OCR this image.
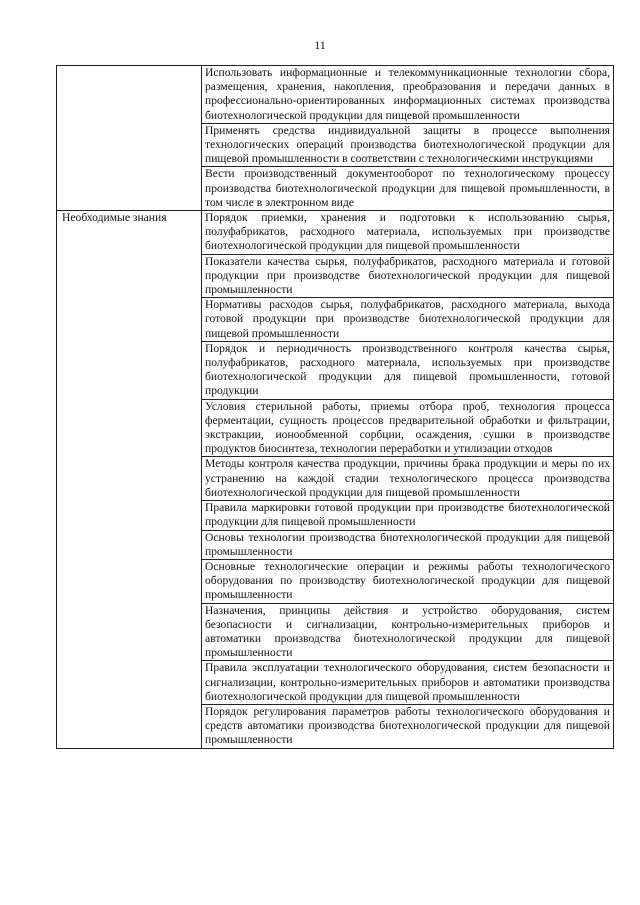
11
	Использовать информационные и телекоммуникационные технологии сбора, размещения, хранения, накопления, преобразования и передачи данных в профессионально-ориентированных информационных системах производства биотехнологической продукции для пищевой промышленности
	Применять средства индивидуальной защиты в процессе выполнения технологических операций производства биотехнологической продукции для пищевой промышленности в соответствии с технологическими инструкциями
	Вести производственный документооборот по технологическому процессу производства биотехнологической продукции для пищевой промышленности, в том числе в электронном виде
Необходимые знания	Порядок приемки, хранения и подготовки к использованию сырья, полуфабрикатов, расходного материала, используемых при производстве биотехнологической продукции для пищевой промышленности
	Показатели качества сырья, полуфабрикатов, расходного материала и готовой продукции при производстве биотехнологической продукции для пищевой промышленности
	Нормативы расходов сырья, полуфабрикатов, расходного материала, выхода готовой продукции при производстве биотехнологической продукции для пищевой промышленности
	Порядок и периодичность производственного контроля качества сырья, полуфабрикатов, расходного материала, используемых при производстве биотехнологической продукции для пищевой промышленности, готовой продукции
	Условия стерильной работы, приемы отбора проб, технология процесса ферментации, сущность процессов предварительной обработки и фильтрации, экстракции, ионообменной сорбции, осаждения, сушки в производстве продуктов биосинтеза, технологии переработки и утилизации отходов
	Методы контроля качества продукции, причины брака продукции и меры по их устранению на каждой стадии технологического процесса производства биотехнологической продукции для пищевой промышленности
	Правила маркировки готовой продукции при производстве биотехнологической продукции для пищевой промышленности
	Основы технологии производства биотехнологической продукции для пищевой промышленности
	Основные технологические операции и режимы работы технологического оборудования по производству биотехнологической продукции для пищевой промышленности
	Назначения, принципы действия и устройство оборудования, систем безопасности и сигнализации, контрольно-измерительных приборов и автоматики производства биотехнологической продукции для пищевой промышленности
	Правила эксплуатации технологического оборудования, систем безопасности и сигнализации, контрольно-измерительных приборов и автоматики производства биотехнологической продукции для пищевой промышленности
	Порядок регулирования параметров работы технологического оборудования и средств автоматики производства биотехнологической продукции для пищевой промышленности
